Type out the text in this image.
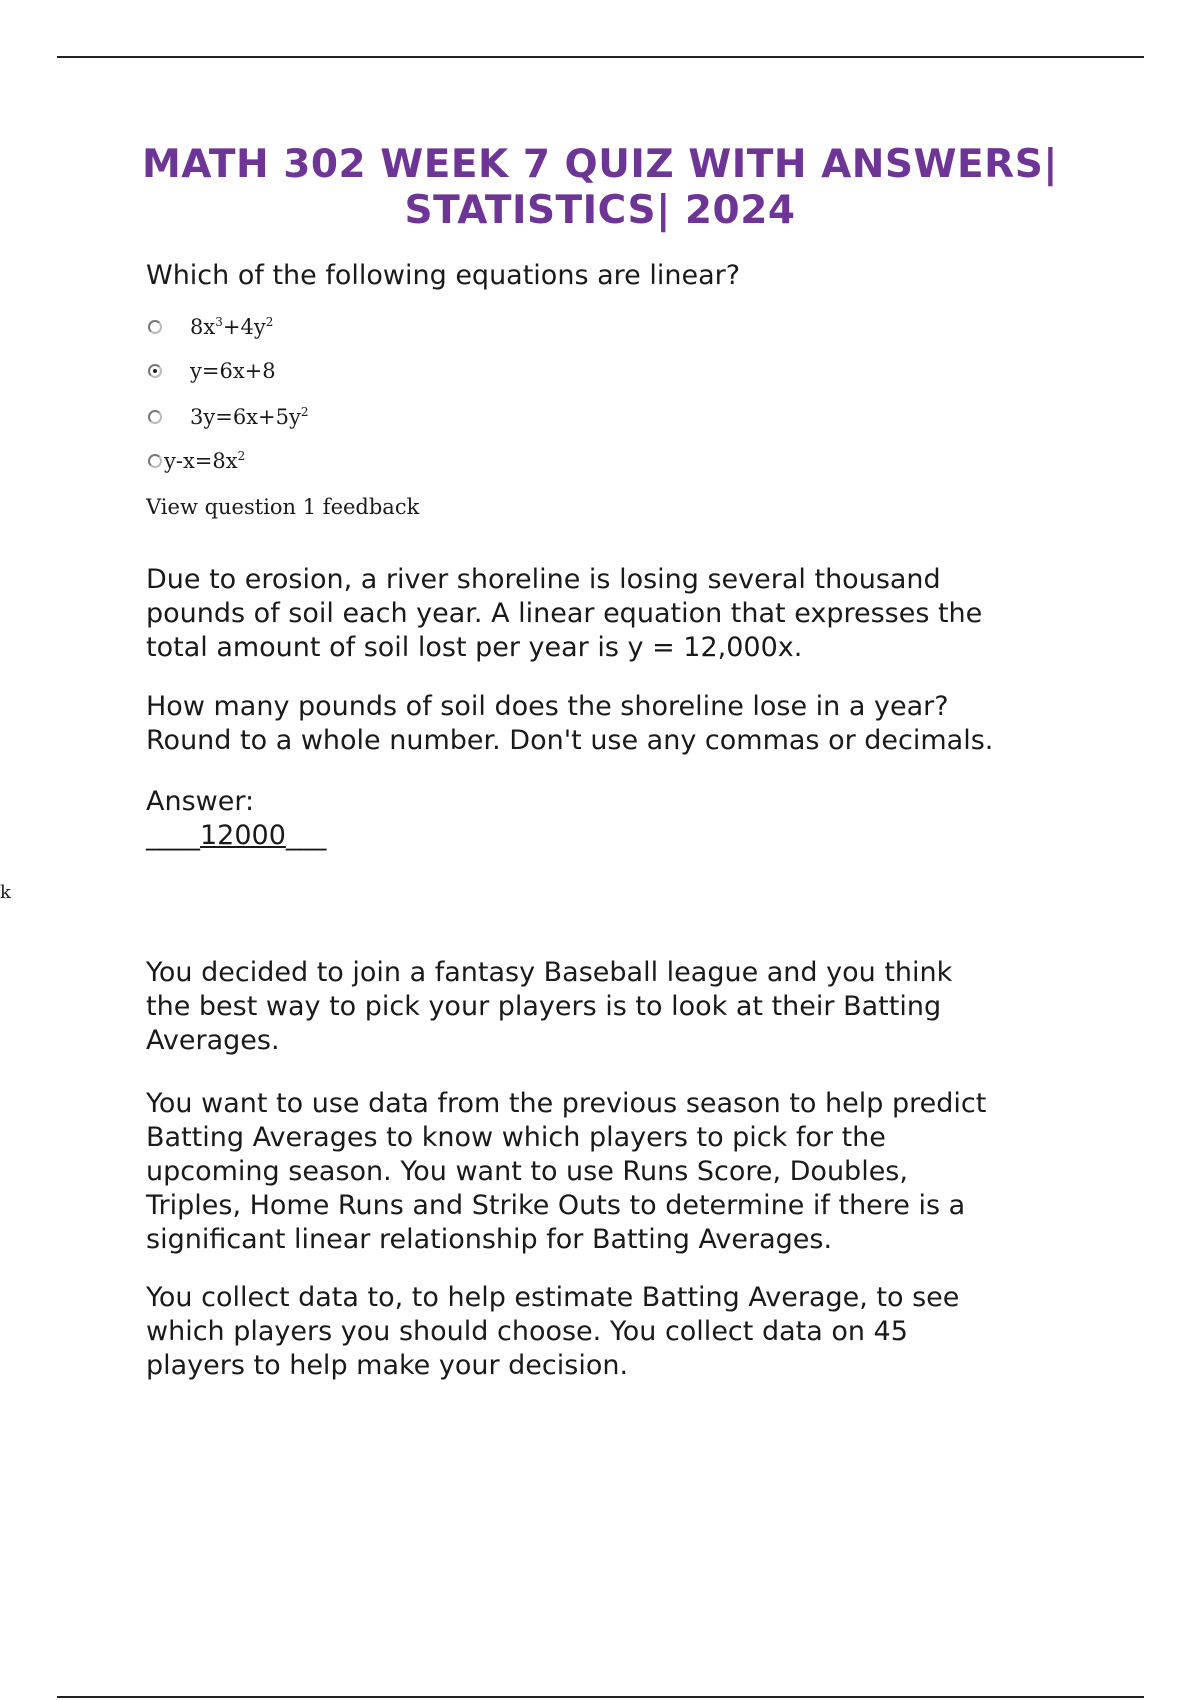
MATH 302 WEEK 7 QUIZ WITH ANSWERS|
STATISTICS| 2024
Which of the following equations are linear?
$8x^3+4y^2$
y=6x+8
$3y=6x+5y^2$
$y-x=8x^2$
View question 1 feedback

Due to erosion, a river shoreline is losing several thousand

pounds of soil each year. A linear equation that expresses the

total amount of soil lost per year is y = 12,000x.

How many pounds of soil does the shoreline lose in a year?

Round to a whole number. Don't use any commas or decimals.

Answer:

____12000___

k

You decided to join a fantasy Baseball league and you think

the best way to pick your players is to look at their Batting

Averages.

You want to use data from the previous season to help predict

Batting Averages to know which players to pick for the

upcoming season. You want to use Runs Score, Doubles,

Triples, Home Runs and Strike Outs to determine if there is a

significant linear relationship for Batting Averages.

You collect data to, to help estimate Batting Average, to see

which players you should choose. You collect data on 45

players to help make your decision.
